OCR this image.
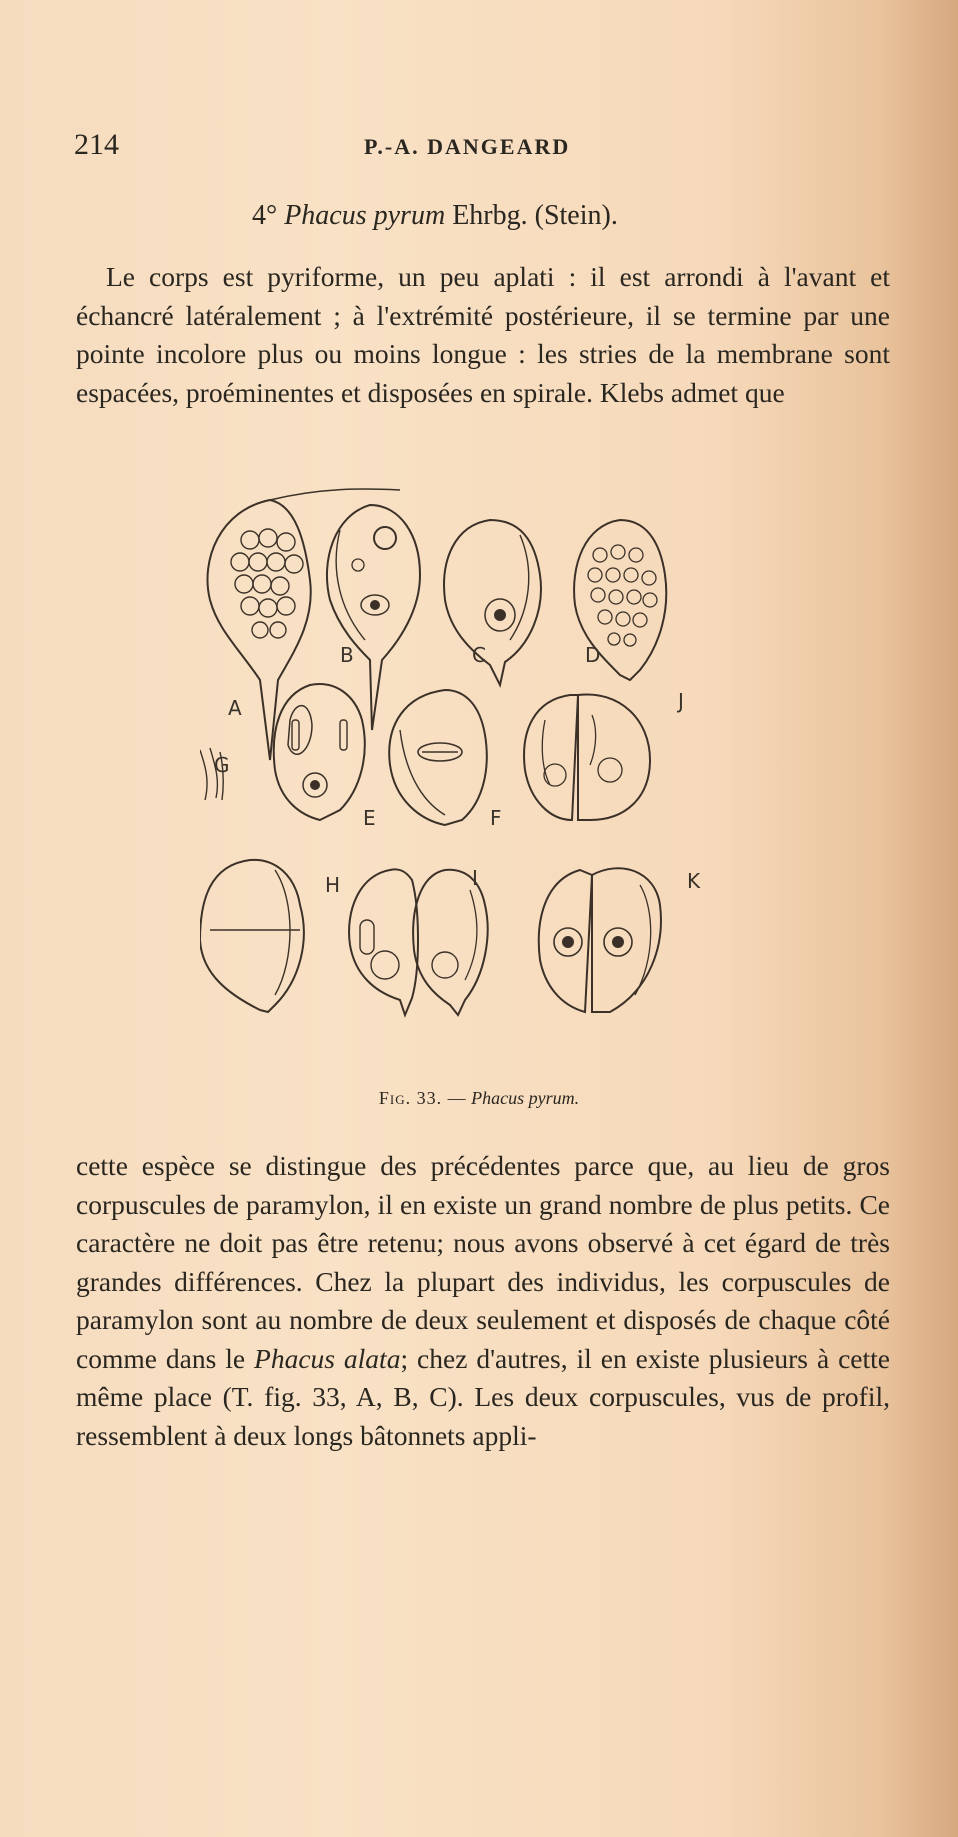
214	P.-A. DANGEARD
4° Phacus pyrum Ehrbg. (Stein).

Le corps est pyriforme, un peu aplati : il est arrondi à l'avant et échancré latéralement ; à l'extrémité postérieure, il se termine par une pointe incolore plus ou moins longue : les stries de la membrane sont espacées, proéminentes et disposées en spirale. Klebs admet que

A
B	C	D
E	F
G
H	I
J
K
Fig. 33. — Phacus pyrum.

cette espèce se distingue des précédentes parce que, au lieu de gros corpuscules de paramylon, il en existe un grand nombre de plus petits. Ce caractère ne doit pas être retenu; nous avons observé à cet égard de très grandes différences. Chez la plupart des individus, les corpuscules de paramylon sont au nombre de deux seulement et disposés de chaque côté comme dans le Phacus alata; chez d'autres, il en existe plusieurs à cette même place (T. fig. 33, A, B, C). Les deux corpuscules, vus de profil, ressemblent à deux longs bâtonnets appli-
